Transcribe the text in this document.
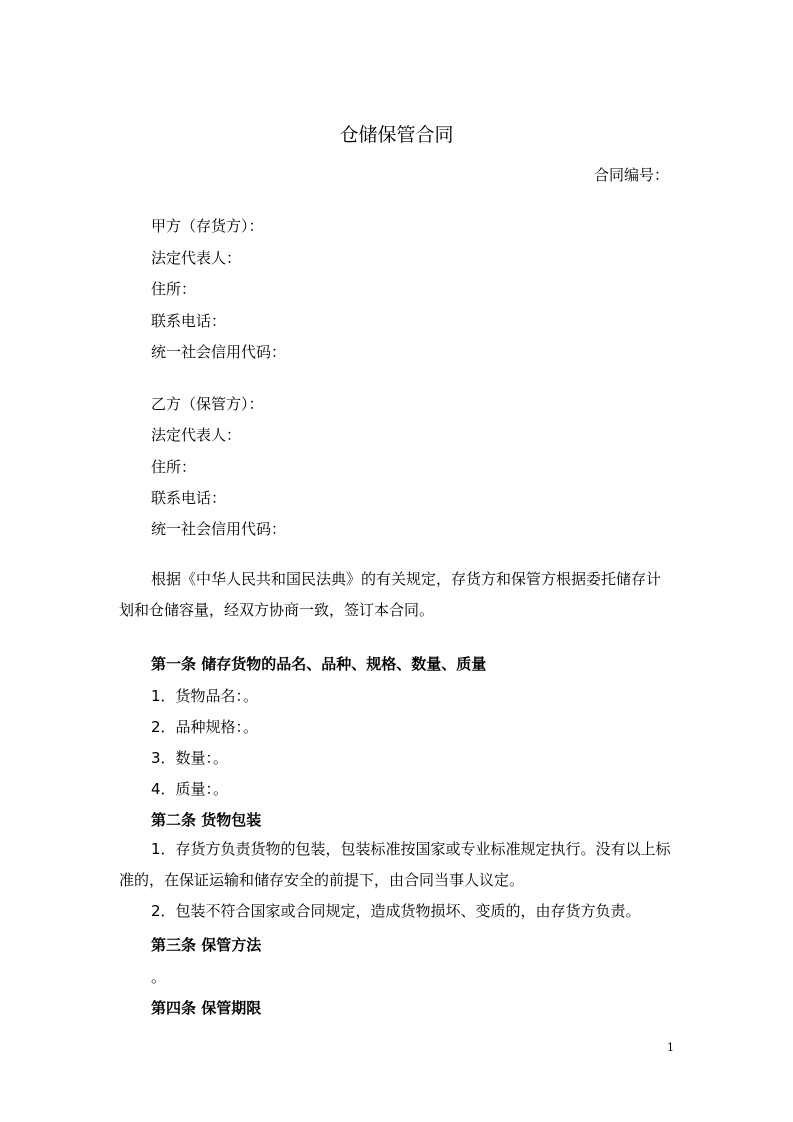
仓储保管合同
合同编号：
甲方（存货方）：
法定代表人：
住所：
联系电话：
统一社会信用代码：
乙方（保管方）：
法定代表人：
住所：
联系电话：
统一社会信用代码：
根据《中华人民共和国民法典》的有关规定，存货方和保管方根据委托储存计划和仓储容量，经双方协商一致，签订本合同。
第一条 储存货物的品名、品种、规格、数量、质量
1．货物品名：。
2．品种规格：。
3．数量：。
4．质量：。
第二条 货物包装
1．存货方负责货物的包装，包装标准按国家或专业标准规定执行。没有以上标准的，在保证运输和储存安全的前提下，由合同当事人议定。
2．包装不符合国家或合同规定，造成货物损坏、变质的，由存货方负责。
第三条 保管方法
。
第四条 保管期限
1
